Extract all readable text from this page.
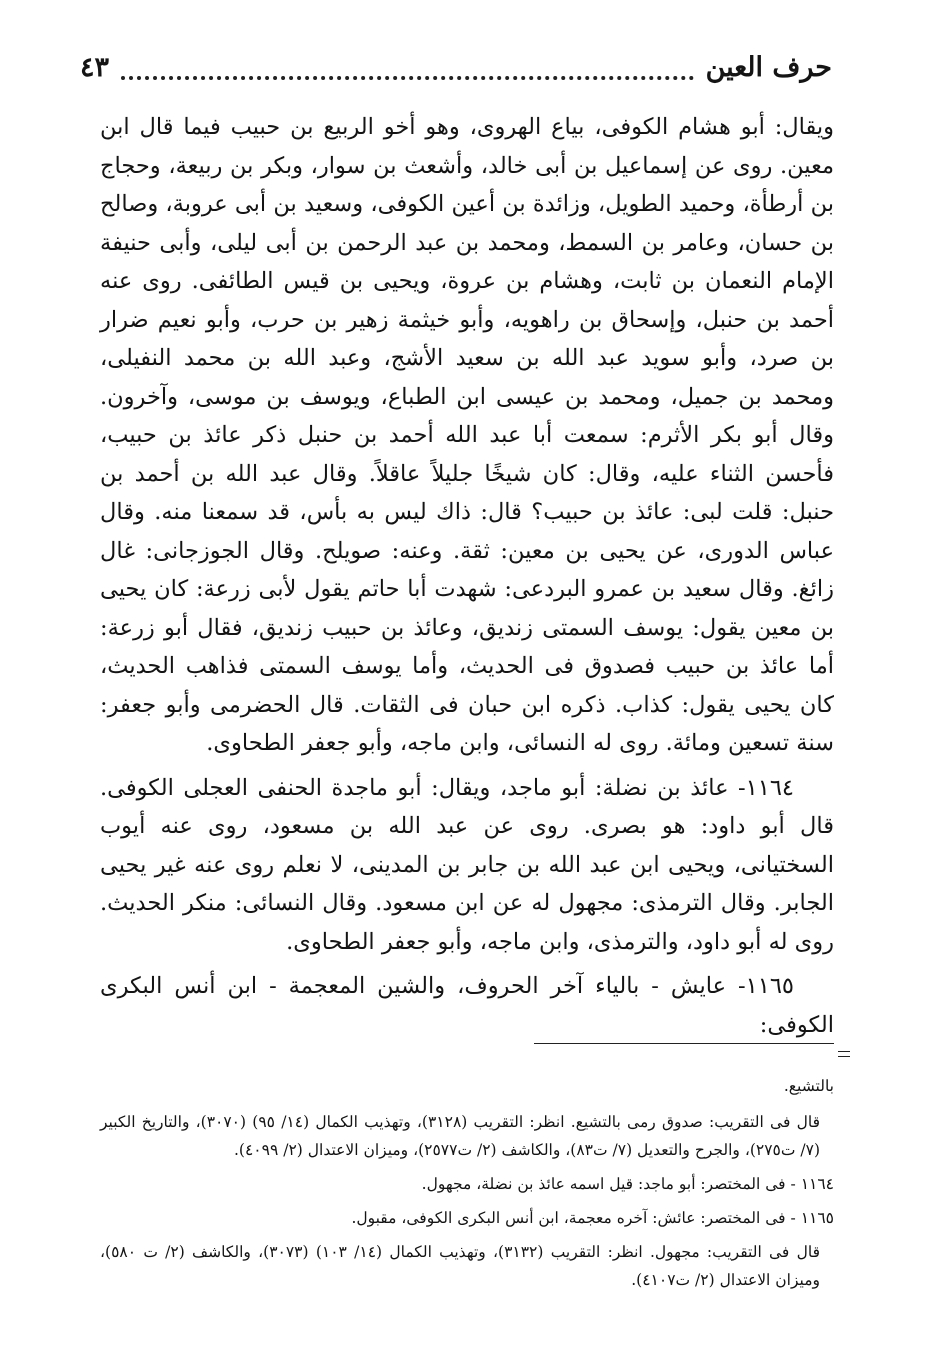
حرف العين
٤٣

ويقال: أبو هشام الكوفى، بياع الهروى، وهو أخو الربيع بن حبيب فيما قال ابن معين. روى عن إسماعيل بن أبى خالد، وأشعث بن سوار، وبكر بن ربيعة، وحجاج بن أرطأة، وحميد الطويل، وزائدة بن أعين الكوفى، وسعيد بن أبى عروبة، وصالح بن حسان، وعامر بن السمط، ومحمد بن عبد الرحمن بن أبى ليلى، وأبى حنيفة الإمام النعمان بن ثابت، وهشام بن عروة، ويحيى بن قيس الطائفى. روى عنه أحمد بن حنبل، وإسحاق بن راهويه، وأبو خيثمة زهير بن حرب، وأبو نعيم ضرار بن صرد، وأبو سويد عبد الله بن سعيد الأشج، وعبد الله بن محمد النفيلى، ومحمد بن جميل، ومحمد بن عيسى ابن الطباع، ويوسف بن موسى، وآخرون. وقال أبو بكر الأثرم: سمعت أبا عبد الله أحمد بن حنبل ذكر عائذ بن حبيب، فأحسن الثناء عليه، وقال: كان شيخًا جليلاً عاقلاً. وقال عبد الله بن أحمد بن حنبل: قلت لبى: عائذ بن حبيب؟ قال: ذاك ليس به بأس، قد سمعنا منه. وقال عباس الدورى، عن يحيى بن معين: ثقة. وعنه: صويلح. وقال الجوزجانى: غال زائغ. وقال سعيد بن عمرو البردعى: شهدت أبا حاتم يقول لأبى زرعة: كان يحيى بن معين يقول: يوسف السمتى زنديق، وعائذ بن حبيب زنديق، فقال أبو زرعة: أما عائذ بن حبيب فصدوق فى الحديث، وأما يوسف السمتى فذاهب الحديث، كان يحيى يقول: كذاب. ذكره ابن حبان فى الثقات. قال الحضرمى وأبو جعفر: سنة تسعين ومائة. روى له النسائى، وابن ماجه، وأبو جعفر الطحاوى.

١١٦٤- عائذ بن نضلة: أبو ماجد، ويقال: أبو ماجدة الحنفى العجلى الكوفى. قال أبو داود: هو بصرى. روى عن عبد الله بن مسعود، روى عنه أيوب السختيانى، ويحيى ابن عبد الله بن جابر بن المدينى، لا نعلم روى عنه غير يحيى الجابر. وقال الترمذى: مجهول له عن ابن مسعود. وقال النسائى: منكر الحديث. روى له أبو داود، والترمذى، وابن ماجه، وأبو جعفر الطحاوى.

١١٦٥- عايش - بالياء آخر الحروف، والشين المعجمة - ابن أنس البكرى الكوفى:

بالتشيع.

قال فى التقريب: صدوق رمى بالتشيع. انظر: التقريب (٣١٢٨)، وتهذيب الكمال (١٤/ ٩٥) (٣٠٧٠)، والتاريخ الكبير (٧/ ت٢٧٥)، والجرح والتعديل (٧/ ت٨٣)، والكاشف (٢/ ت٢٥٧٧)، وميزان الاعتدال (٢/ ٤٠٩٩).

١١٦٤ - فى المختصر: أبو ماجد: قيل اسمه عائذ بن نضلة، مجهول.

١١٦٥ - فى المختصر: عائش: آخره معجمة، ابن أنس البكرى الكوفى، مقبول.

قال فى التقريب: مجهول. انظر: التقريب (٣١٣٢)، وتهذيب الكمال (١٤/ ١٠٣) (٣٠٧٣)، والكاشف (٢/ ت ٥٨٠)، وميزان الاعتدال (٢/ ت٤١٠٧).
